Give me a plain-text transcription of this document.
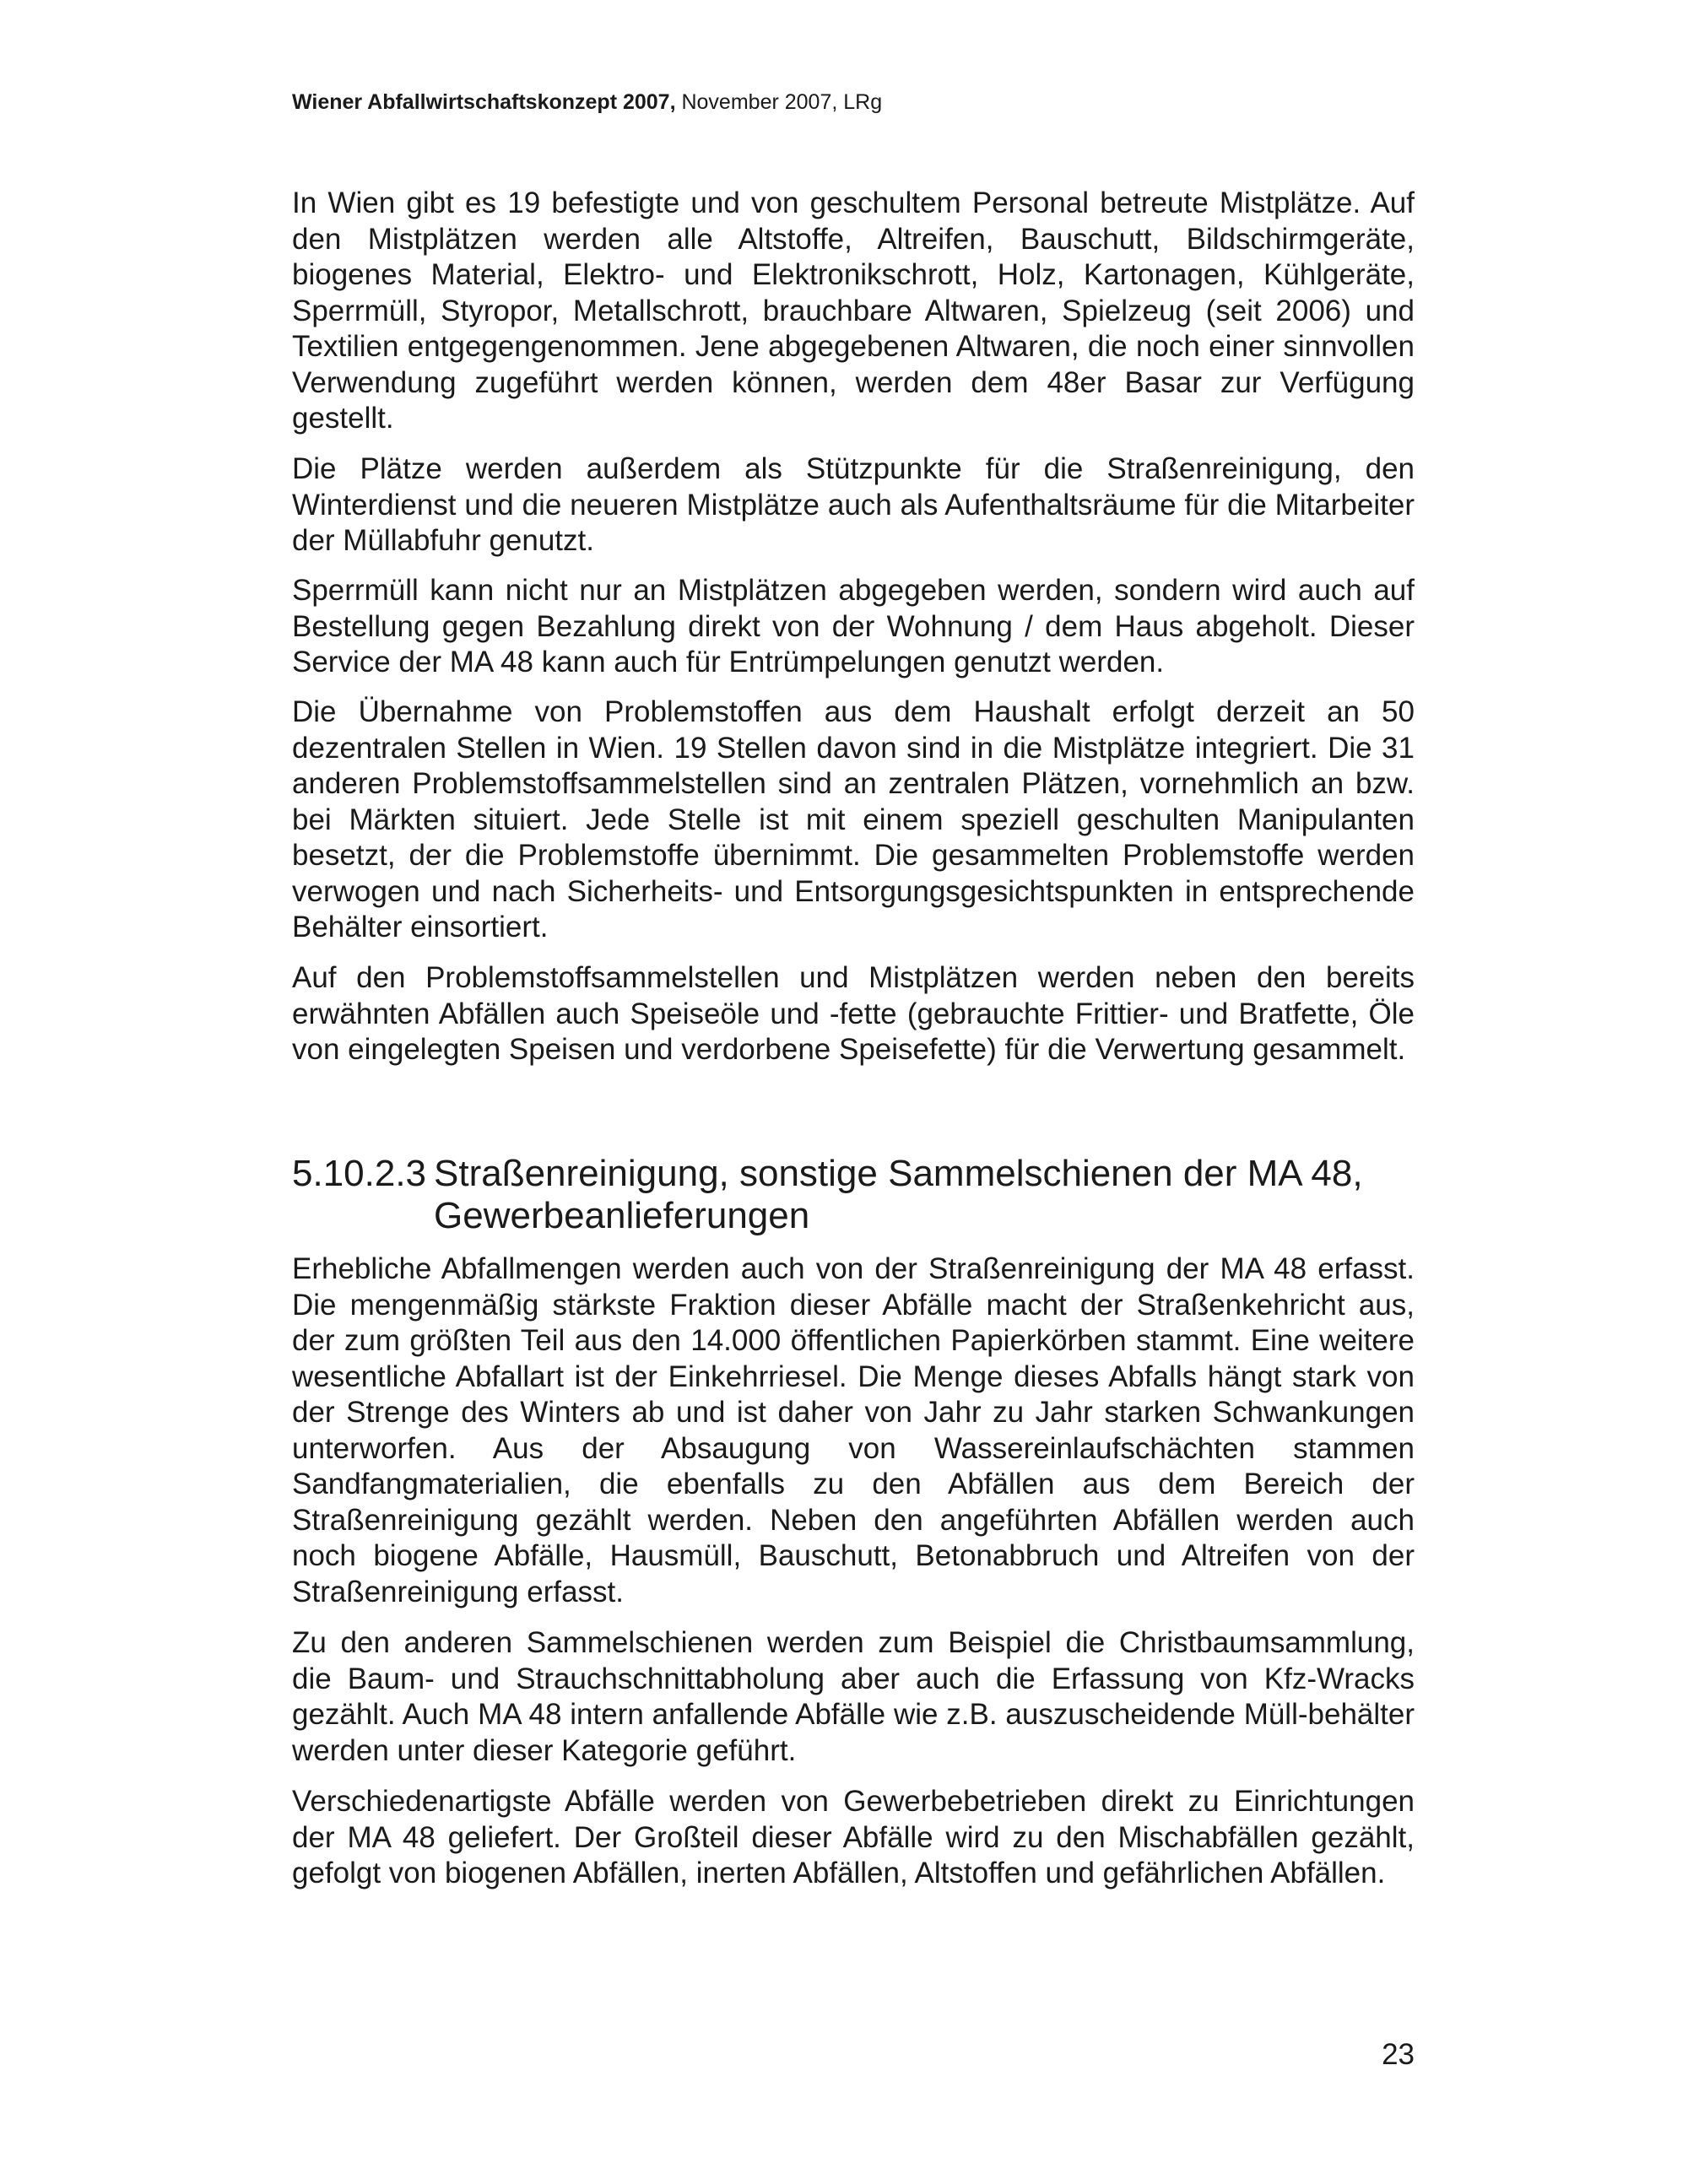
Wiener Abfallwirtschaftskonzept 2007, November 2007, LRg

In Wien gibt es 19 befestigte und von geschultem Personal betreute Mistplätze. Auf den Mistplätzen werden alle Altstoffe, Altreifen, Bauschutt, Bildschirmgeräte, biogenes Material, Elektro- und Elektronikschrott, Holz, Kartonagen, Kühlgeräte, Sperrmüll, Styropor, Metallschrott, brauchbare Altwaren, Spielzeug (seit 2006) und Textilien entgegengenommen. Jene abgegebenen Altwaren, die noch einer sinnvollen Verwendung zugeführt werden können, werden dem 48er Basar zur Verfügung gestellt.

Die Plätze werden außerdem als Stützpunkte für die Straßenreinigung, den Winterdienst und die neueren Mistplätze auch als Aufenthaltsräume für die Mitarbeiter der Müllabfuhr genutzt.

Sperrmüll kann nicht nur an Mistplätzen abgegeben werden, sondern wird auch auf Bestellung gegen Bezahlung direkt von der Wohnung / dem Haus abgeholt. Dieser Service der MA 48 kann auch für Entrümpelungen genutzt werden.

Die Übernahme von Problemstoffen aus dem Haushalt erfolgt derzeit an 50 dezentralen Stellen in Wien. 19 Stellen davon sind in die Mistplätze integriert. Die 31 anderen Problemstoffsammelstellen sind an zentralen Plätzen, vornehmlich an bzw. bei Märkten situiert. Jede Stelle ist mit einem speziell geschulten Manipulanten besetzt, der die Problemstoffe übernimmt. Die gesammelten Problemstoffe werden verwogen und nach Sicherheits- und Entsorgungsgesichtspunkten in entsprechende Behälter einsortiert.

Auf den Problemstoffsammelstellen und Mistplätzen werden neben den bereits erwähnten Abfällen auch Speiseöle und -fette (gebrauchte Frittier- und Bratfette, Öle von eingelegten Speisen und verdorbene Speisefette) für die Verwertung gesammelt.

5.10.2.3 Straßenreinigung, sonstige Sammelschienen der MA 48,
Gewerbeanlieferungen

Erhebliche Abfallmengen werden auch von der Straßenreinigung der MA 48 erfasst. Die mengenmäßig stärkste Fraktion dieser Abfälle macht der Straßenkehricht aus, der zum größten Teil aus den 14.000 öffentlichen Papierkörben stammt. Eine weitere wesentliche Abfallart ist der Einkehrriesel. Die Menge dieses Abfalls hängt stark von der Strenge des Winters ab und ist daher von Jahr zu Jahr starken Schwankungen unterworfen. Aus der Absaugung von Wassereinlaufschächten stammen Sandfangmaterialien, die ebenfalls zu den Abfällen aus dem Bereich der Straßenreinigung gezählt werden. Neben den angeführten Abfällen werden auch noch biogene Abfälle, Hausmüll, Bauschutt, Betonabbruch und Altreifen von der Straßenreinigung erfasst.

Zu den anderen Sammelschienen werden zum Beispiel die Christbaumsammlung, die Baum- und Strauchschnittabholung aber auch die Erfassung von Kfz-Wracks gezählt. Auch MA 48 intern anfallende Abfälle wie z.B. auszuscheidende Müll-behälter werden unter dieser Kategorie geführt.

Verschiedenartigste Abfälle werden von Gewerbebetrieben direkt zu Einrichtungen der MA 48 geliefert. Der Großteil dieser Abfälle wird zu den Mischabfällen gezählt, gefolgt von biogenen Abfällen, inerten Abfällen, Altstoffen und gefährlichen Abfällen.

23
